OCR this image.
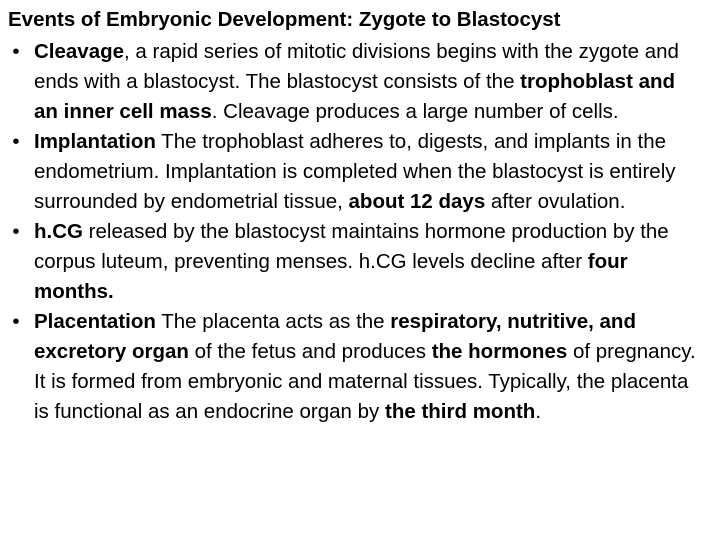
Events of Embryonic Development: Zygote to Blastocyst
• Cleavage, a rapid series of mitotic divisions begins with the zygote and ends with a blastocyst. The blastocyst consists of the trophoblast and an inner cell mass. Cleavage produces a large number of cells.
• Implantation The trophoblast adheres to, digests, and implants in the endometrium. Implantation is completed when the blastocyst is entirely surrounded by endometrial tissue, about 12 days after ovulation.
• h.CG released by the blastocyst maintains hormone production by the corpus luteum, preventing menses. h.CG levels decline after four months.
• Placentation The placenta acts as the respiratory, nutritive, and excretory organ of the fetus and produces the hormones of pregnancy. It is formed from embryonic and maternal tissues. Typically, the placenta is functional as an endocrine organ by the third month.
